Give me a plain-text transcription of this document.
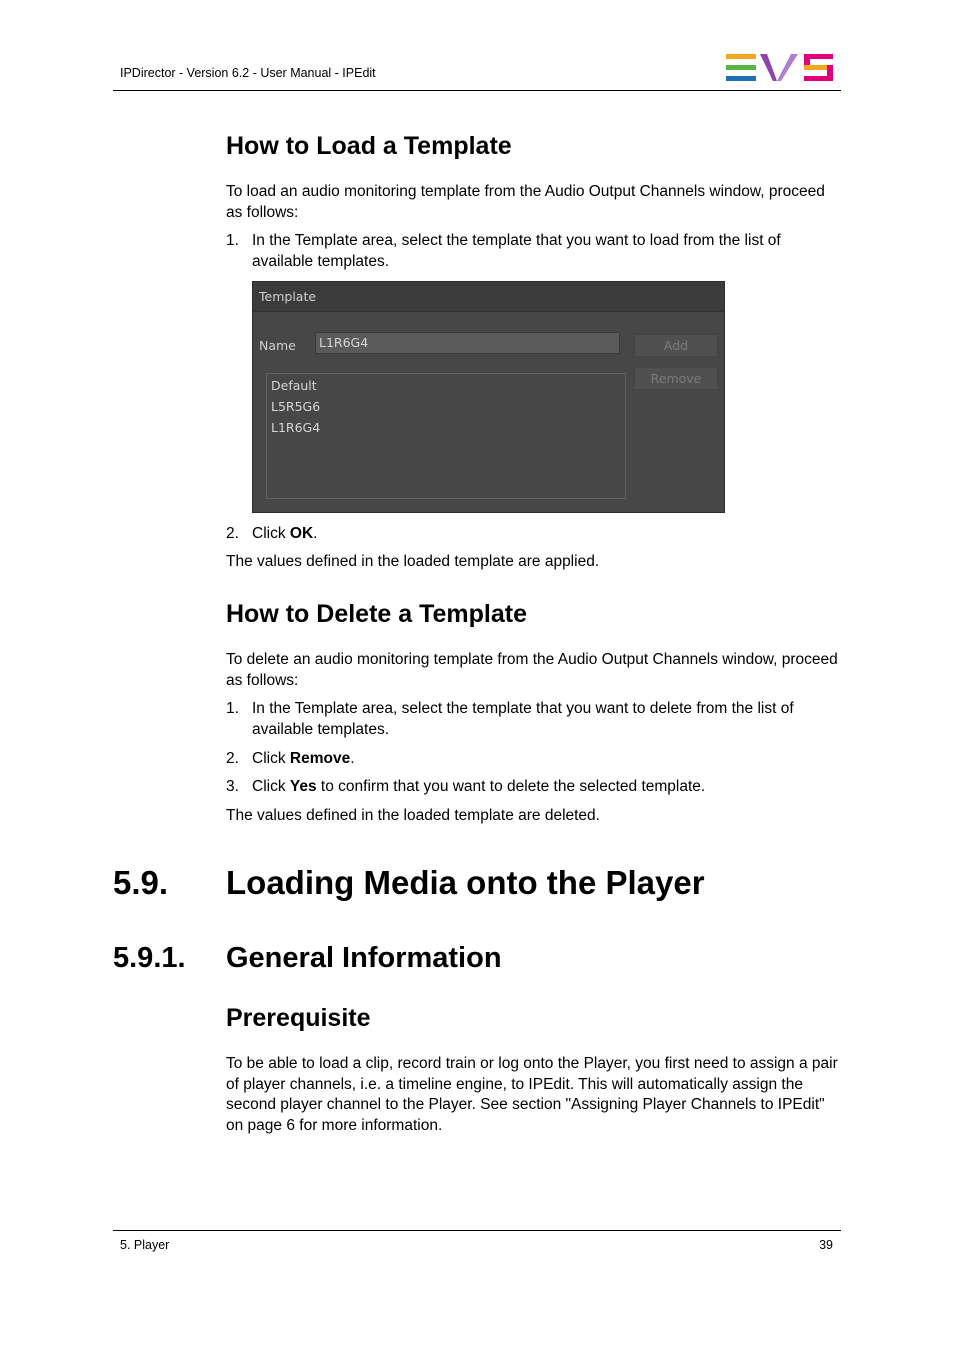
IPDirector - Version 6.2 - User Manual - IPEdit
How to Load a Template
To load an audio monitoring template from the Audio Output Channels window, proceed as follows:
1. In the Template area, select the template that you want to load from the list of available templates.
Template
Name L1R6G4	Add
Remove
Default
L5R5G6
L1R6G4
2. Click OK.
The values defined in the loaded template are applied.
How to Delete a Template
To delete an audio monitoring template from the Audio Output Channels window, proceed as follows:
1. In the Template area, select the template that you want to delete from the list of available templates.
2. Click Remove.
3. Click Yes to confirm that you want to delete the selected template.
The values defined in the loaded template are deleted.
5.9. Loading Media onto the Player
5.9.1. General Information
Prerequisite
To be able to load a clip, record train or log onto the Player, you first need to assign a pair of player channels, i.e. a timeline engine, to IPEdit. This will automatically assign the second player channel to the Player. See section "Assigning Player Channels to IPEdit" on page 6 for more information.
5. Player	39
